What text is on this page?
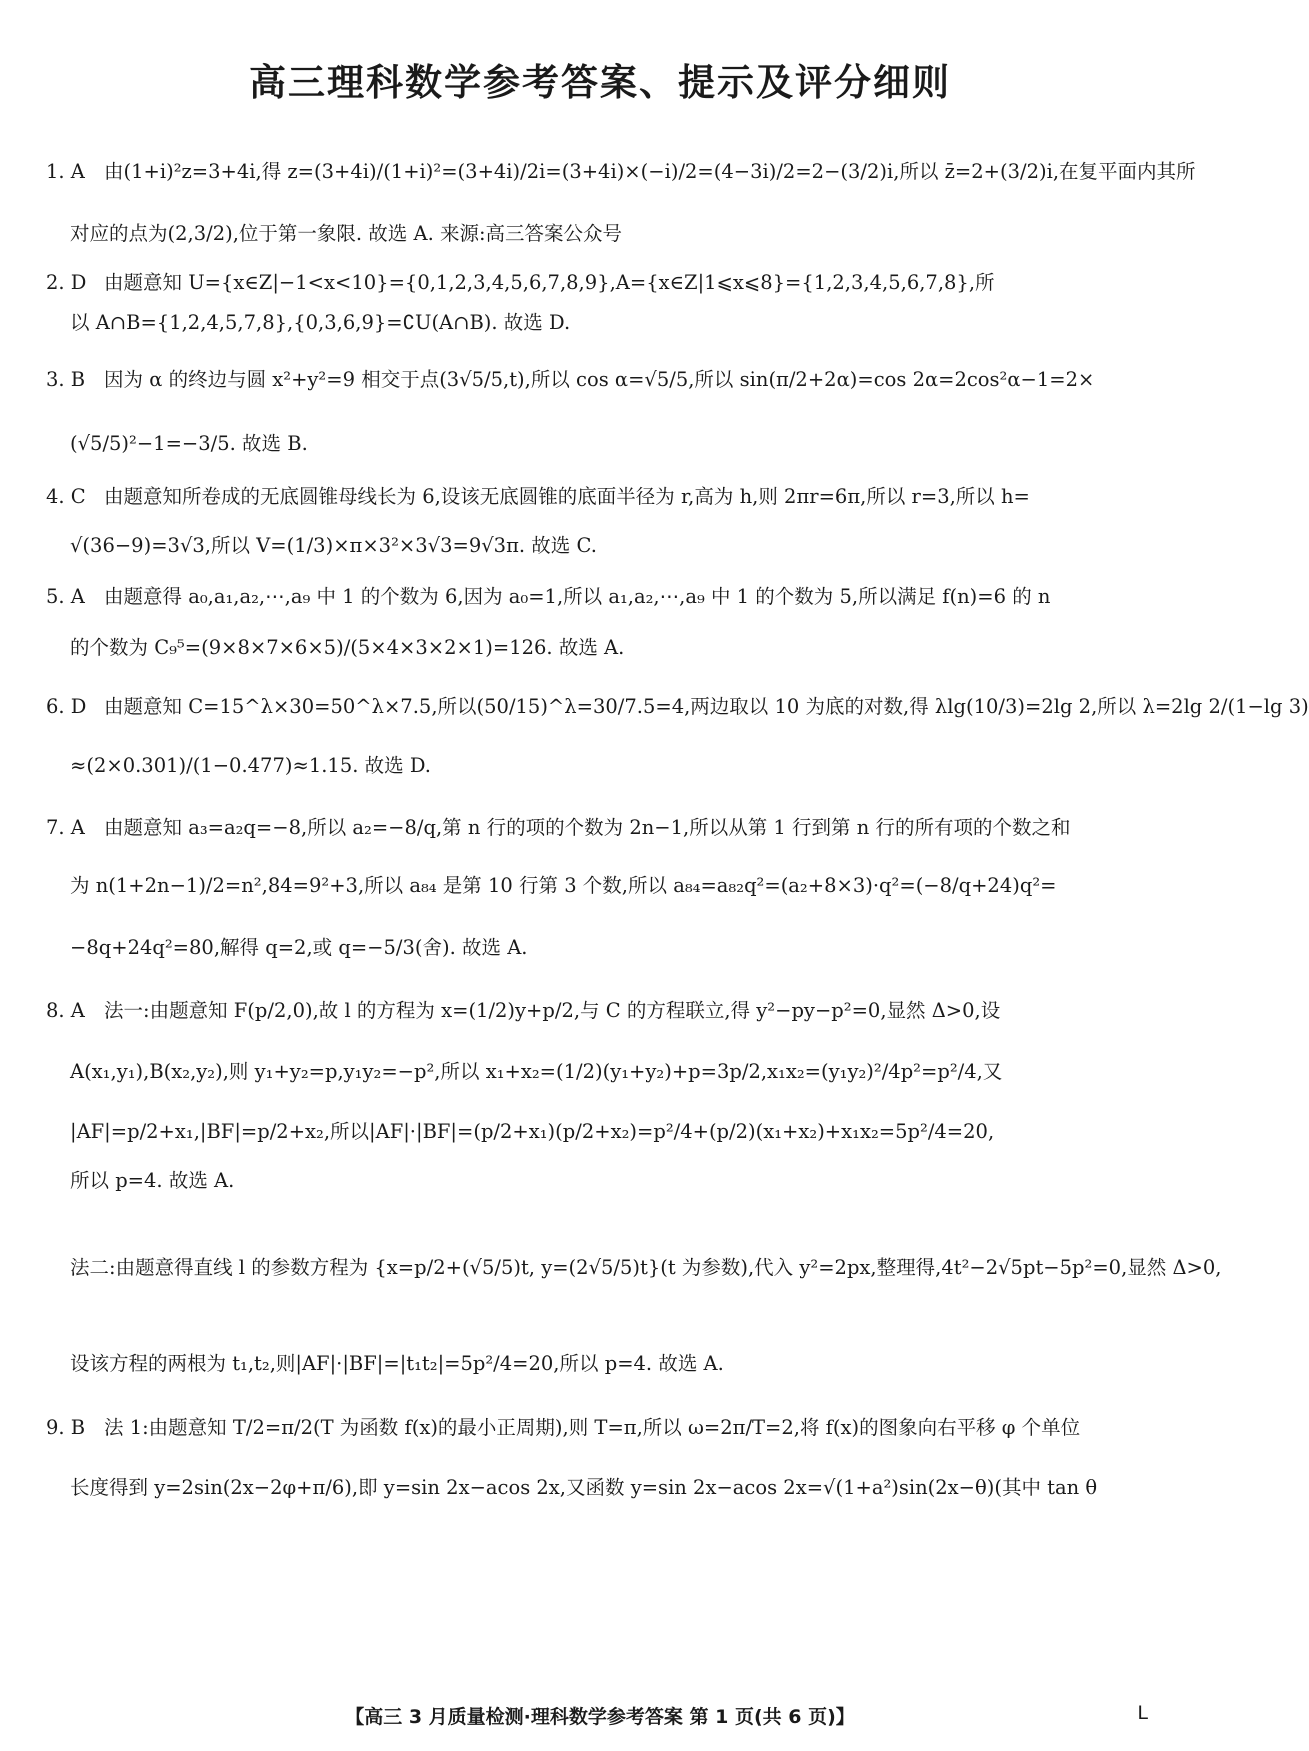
高三理科数学参考答案、提示及评分细则
1. A 由(1+i)²z=3+4i,得 z=(3+4i)/(1+i)²=(3+4i)/2i=(3+4i)×(−i)/2=(4−3i)/2=2−(3/2)i,所以 z̄=2+(3/2)i,在复平面内其所
对应的点为(2,3/2),位于第一象限. 故选 A. 来源:高三答案公众号
2. D 由题意知 U={x∈Z|−1<x<10}={0,1,2,3,4,5,6,7,8,9},A={x∈Z|1⩽x⩽8}={1,2,3,4,5,6,7,8},所
以 A∩B={1,2,4,5,7,8},{0,3,6,9}=∁U(A∩B). 故选 D.
3. B 因为 α 的终边与圆 x²+y²=9 相交于点(3√5/5,t),所以 cos α=√5/5,所以 sin(π/2+2α)=cos 2α=2cos²α−1=2×
(√5/5)²−1=−3/5. 故选 B.
4. C 由题意知所卷成的无底圆锥母线长为 6,设该无底圆锥的底面半径为 r,高为 h,则 2πr=6π,所以 r=3,所以 h=
√(36−9)=3√3,所以 V=(1/3)×π×3²×3√3=9√3π. 故选 C.
5. A 由题意得 a₀,a₁,a₂,⋯,a₉ 中 1 的个数为 6,因为 a₀=1,所以 a₁,a₂,⋯,a₉ 中 1 的个数为 5,所以满足 f(n)=6 的 n
的个数为 C₉⁵=(9×8×7×6×5)/(5×4×3×2×1)=126. 故选 A.
6. D 由题意知 C=15^λ×30=50^λ×7.5,所以(50/15)^λ=30/7.5=4,两边取以 10 为底的对数,得 λlg(10/3)=2lg 2,所以 λ=2lg 2/(1−lg 3)
≈(2×0.301)/(1−0.477)≈1.15. 故选 D.
7. A 由题意知 a₃=a₂q=−8,所以 a₂=−8/q,第 n 行的项的个数为 2n−1,所以从第 1 行到第 n 行的所有项的个数之和
为 n(1+2n−1)/2=n²,84=9²+3,所以 a₈₄ 是第 10 行第 3 个数,所以 a₈₄=a₈₂q²=(a₂+8×3)·q²=(−8/q+24)q²=
−8q+24q²=80,解得 q=2,或 q=−5/3(舍). 故选 A.
8. A 法一:由题意知 F(p/2,0),故 l 的方程为 x=(1/2)y+p/2,与 C 的方程联立,得 y²−py−p²=0,显然 Δ>0,设
A(x₁,y₁),B(x₂,y₂),则 y₁+y₂=p,y₁y₂=−p²,所以 x₁+x₂=(1/2)(y₁+y₂)+p=3p/2,x₁x₂=(y₁y₂)²/4p²=p²/4,又
|AF|=p/2+x₁,|BF|=p/2+x₂,所以|AF|·|BF|=(p/2+x₁)(p/2+x₂)=p²/4+(p/2)(x₁+x₂)+x₁x₂=5p²/4=20,
所以 p=4. 故选 A.
法二:由题意得直线 l 的参数方程为 {x=p/2+(√5/5)t, y=(2√5/5)t}(t 为参数),代入 y²=2px,整理得,4t²−2√5pt−5p²=0,显然 Δ>0,
设该方程的两根为 t₁,t₂,则|AF|·|BF|=|t₁t₂|=5p²/4=20,所以 p=4. 故选 A.
9. B 法 1:由题意知 T/2=π/2(T 为函数 f(x)的最小正周期),则 T=π,所以 ω=2π/T=2,将 f(x)的图象向右平移 φ 个单位
长度得到 y=2sin(2x−2φ+π/6),即 y=sin 2x−acos 2x,又函数 y=sin 2x−acos 2x=√(1+a²)sin(2x−θ)(其中 tan θ
【高三 3 月质量检测·理科数学参考答案 第 1 页(共 6 页)】	L
